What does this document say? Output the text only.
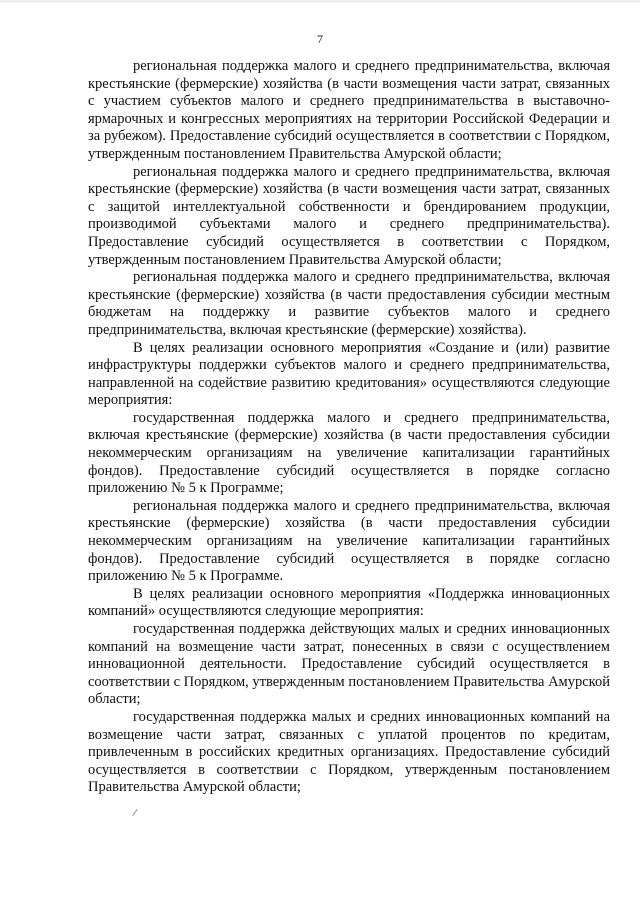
7

региональная поддержка малого и среднего предпринимательства, включая крестьянские (фермерские) хозяйства (в части возмещения части затрат, связанных с участием субъектов малого и среднего предпринимательства в выставочно-ярмарочных и конгрессных мероприятиях на территории Российской Федерации и за рубежом). Предоставление субсидий осуществляется в соответствии с Порядком, утвержденным постановлением Правительства Амурской области;

региональная поддержка малого и среднего предпринимательства, включая крестьянские (фермерские) хозяйства (в части возмещения части затрат, связанных с защитой интеллектуальной собственности и брендированием продукции, производимой субъектами малого и среднего предпринимательства). Предоставление субсидий осуществляется в соответствии с Порядком, утвержденным постановлением Правительства Амурской области;

региональная поддержка малого и среднего предпринимательства, включая крестьянские (фермерские) хозяйства (в части предоставления субсидии местным бюджетам на поддержку и развитие субъектов малого и среднего предпринимательства, включая крестьянские (фермерские) хозяйства).

В целях реализации основного мероприятия «Создание и (или) развитие инфраструктуры поддержки субъектов малого и среднего предпринимательства, направленной на содействие развитию кредитования» осуществляются следующие мероприятия:

государственная поддержка малого и среднего предпринимательства, включая крестьянские (фермерские) хозяйства (в части предоставления субсидии некоммерческим организациям на увеличение капитализации гарантийных фондов). Предоставление субсидий осуществляется в порядке согласно приложению № 5 к Программе;

региональная поддержка малого и среднего предпринимательства, включая крестьянские (фермерские) хозяйства (в части предоставления субсидии некоммерческим организациям на увеличение капитализации гарантийных фондов). Предоставление субсидий осуществляется в порядке согласно приложению № 5 к Программе.

В целях реализации основного мероприятия «Поддержка инновационных компаний» осуществляются следующие мероприятия:

государственная поддержка действующих малых и средних инновационных компаний на возмещение части затрат, понесенных в связи с осуществлением инновационной деятельности. Предоставление субсидий осуществляется в соответствии с Порядком, утвержденным постановлением Правительства Амурской области;

государственная поддержка малых и средних инновационных компаний на возмещение части затрат, связанных с уплатой процентов по кредитам, привлеченным в российских кредитных организациях. Предоставление субсидий осуществляется в соответствии с Порядком, утвержденным постановлением Правительства Амурской области;
